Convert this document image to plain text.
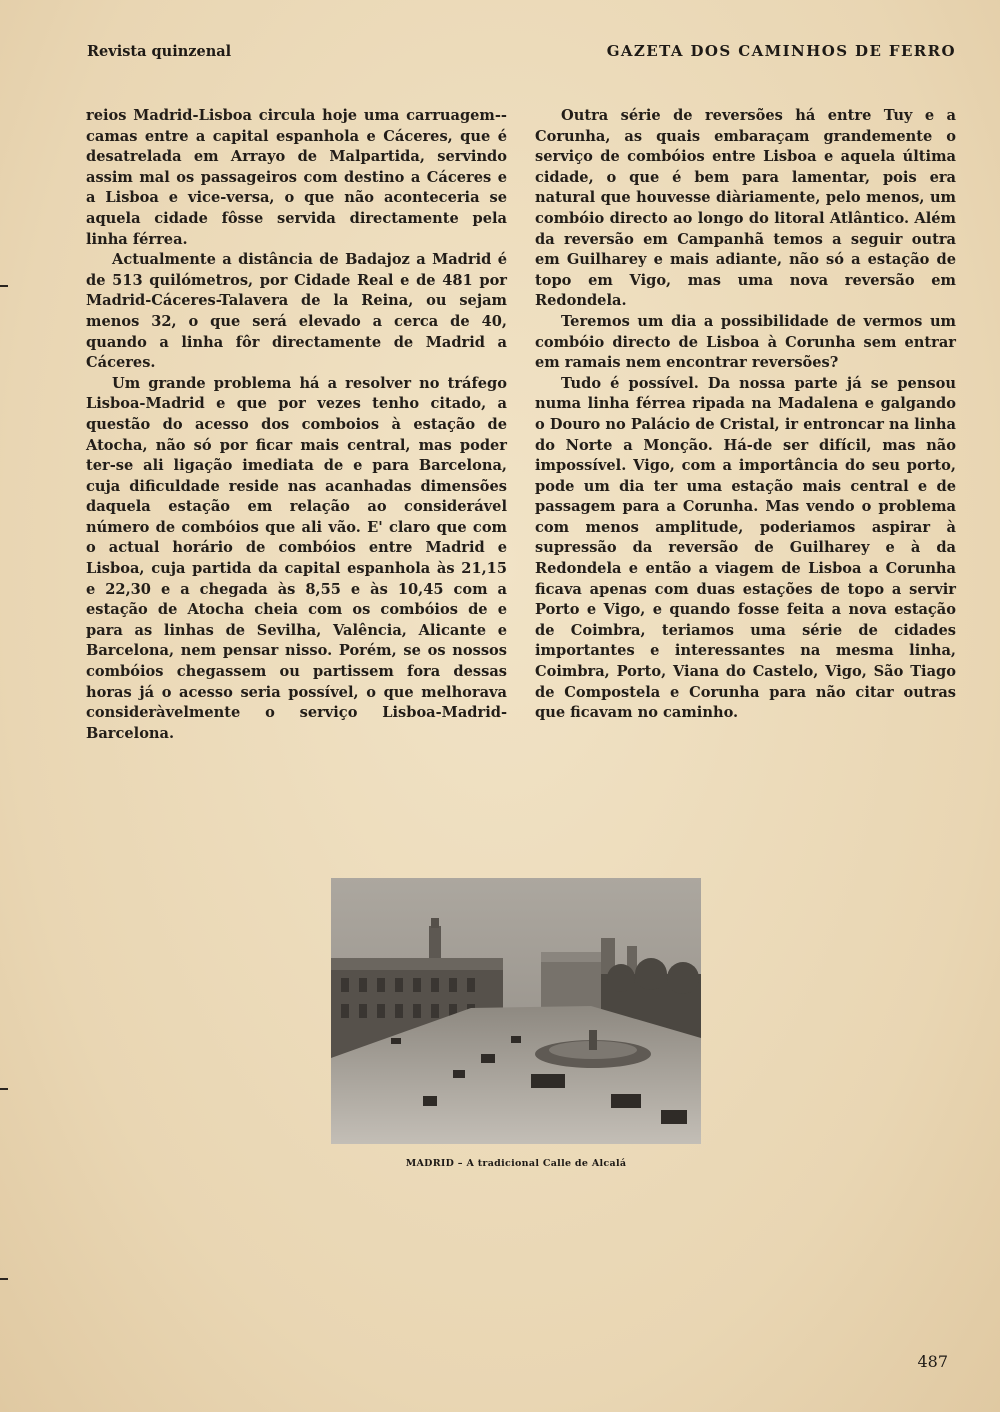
Revista quinzenal	GAZETA DOS CAMINHOS DE FERRO

reios Madrid-Lisboa circula hoje uma carruagem--camas entre a capital espanhola e Cáceres, que é desatrelada em Arrayo de Malpartida, servindo assim mal os passageiros com destino a Cáceres e a Lisboa e vice-versa, o que não aconteceria se aquela cidade fôsse servida directamente pela linha férrea.

Actualmente a distância de Badajoz a Madrid é de 513 quilómetros, por Cidade Real e de 481 por Madrid-Cáceres-Talavera de la Reina, ou sejam menos 32, o que será elevado a cerca de 40, quando a linha fôr directamente de Madrid a Cáceres.

Um grande problema há a resolver no tráfego Lisboa-Madrid e que por vezes tenho citado, a questão do acesso dos comboios à estação de Atocha, não só por ficar mais central, mas poder ter-se ali ligação imediata de e para Barcelona, cuja dificuldade reside nas acanhadas dimensões daquela estação em relação ao considerável número de combóios que ali vão. E' claro que com o actual horário de combóios entre Madrid e Lisboa, cuja partida da capital espanhola às 21,15 e 22,30 e a chegada às 8,55 e às 10,45 com a estação de Atocha cheia com os combóios de e para as linhas de Sevilha, Valência, Alicante e Barcelona, nem pensar nisso. Porém, se os nossos combóios chegassem ou partissem fora dessas horas já o acesso seria possível, o que melhorava consideràvelmente o serviço Lisboa-Madrid-Barcelona.

Outra série de reversões há entre Tuy e a Corunha, as quais embaraçam grandemente o serviço de combóios entre Lisboa e aquela última cidade, o que é bem para lamentar, pois era natural que houvesse diàriamente, pelo menos, um combóio directo ao longo do litoral Atlântico. Além da reversão em Campanhã temos a seguir outra em Guilharey e mais adiante, não só a estação de topo em Vigo, mas uma nova reversão em Redondela.

Teremos um dia a possibilidade de vermos um combóio directo de Lisboa à Corunha sem entrar em ramais nem encontrar reversões?

Tudo é possível. Da nossa parte já se pensou numa linha férrea ripada na Madalena e galgando o Douro no Palácio de Cristal, ir entroncar na linha do Norte a Monção. Há-de ser difícil, mas não impossível. Vigo, com a importância do seu porto, pode um dia ter uma estação mais central e de passagem para a Corunha. Mas vendo o problema com menos amplitude, poderiamos aspirar à supressão da reversão de Guilharey e à da Redondela e então a viagem de Lisboa a Corunha ficava apenas com duas estações de topo a servir Porto e Vigo, e quando fosse feita a nova estação de Coimbra, teriamos uma série de cidades importantes e interessantes na mesma linha, Coimbra, Porto, Viana do Castelo, Vigo, São Tiago de Compostela e Corunha para não citar outras que ficavam no caminho.

MADRID – A tradicional Calle de Alcalá
487
